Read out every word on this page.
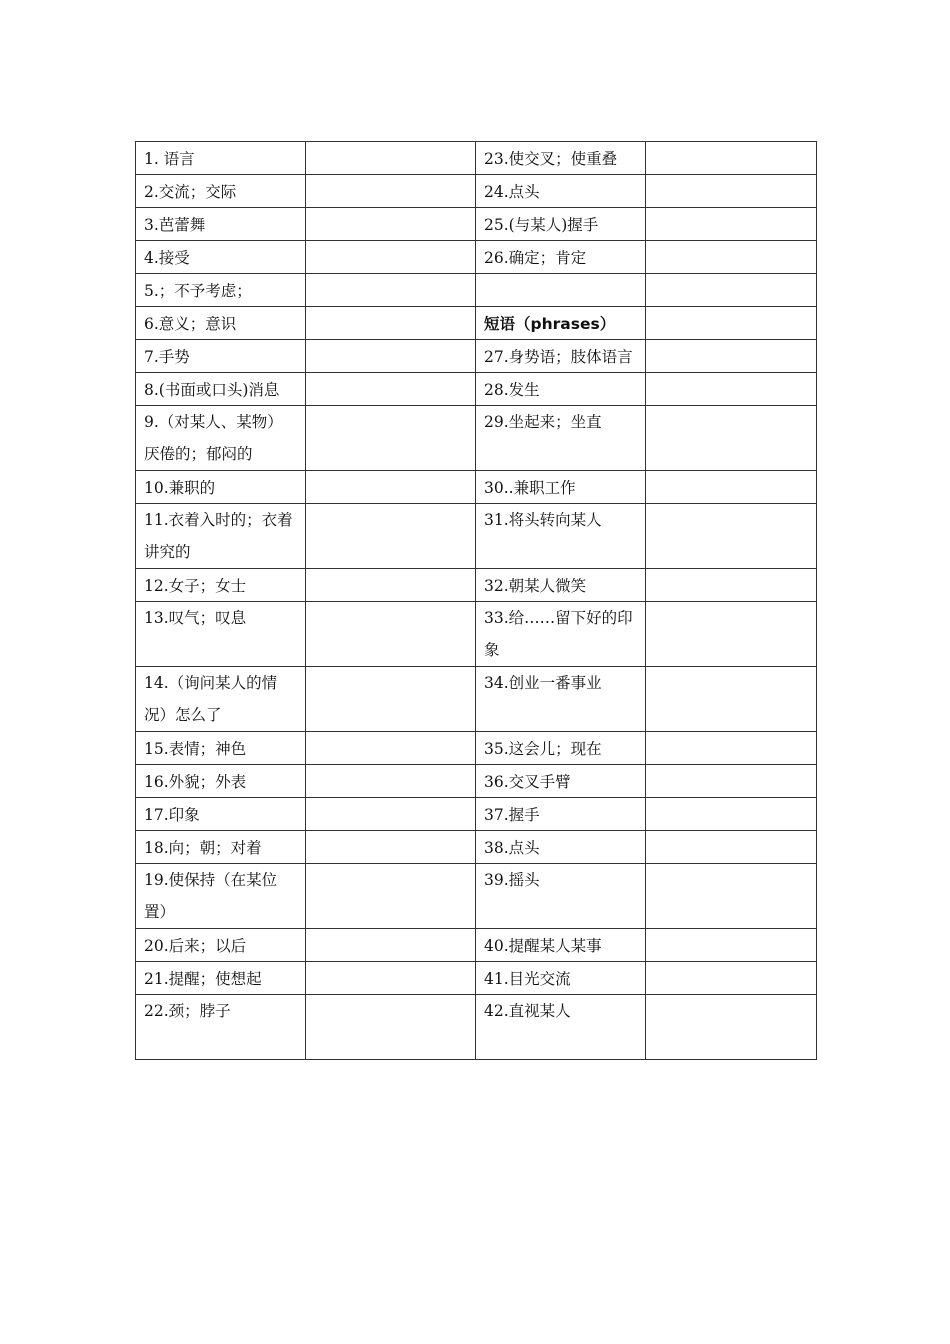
1. 语言		23.使交叉；使重叠	
2.交流；交际		24.点头	
3.芭蕾舞		25.(与某人)握手	
4.接受		26.确定；肯定	
5.；不予考虑；			
6.意义；意识		短语（phrases）	
7.手势		27.身势语；肢体语言	
8.(书面或口头)消息		28.发生	
9.（对某人、某物）厌倦的；郁闷的		29.坐起来；坐直	
10.兼职的		30..兼职工作	
11.衣着入时的；衣着讲究的		31.将头转向某人	
12.女子；女士		32.朝某人微笑	
13.叹气；叹息		33.给……留下好的印象	
14.（询问某人的情况）怎么了		34.创业一番事业	
15.表情；神色		35.这会儿；现在	
16.外貌；外表		36.交叉手臂	
17.印象		37.握手	
18.向；朝；对着		38.点头	
19.使保持（在某位置）		39.摇头	
20.后来；以后		40.提醒某人某事	
21.提醒；使想起		41.目光交流	
22.颈；脖子		42.直视某人	
